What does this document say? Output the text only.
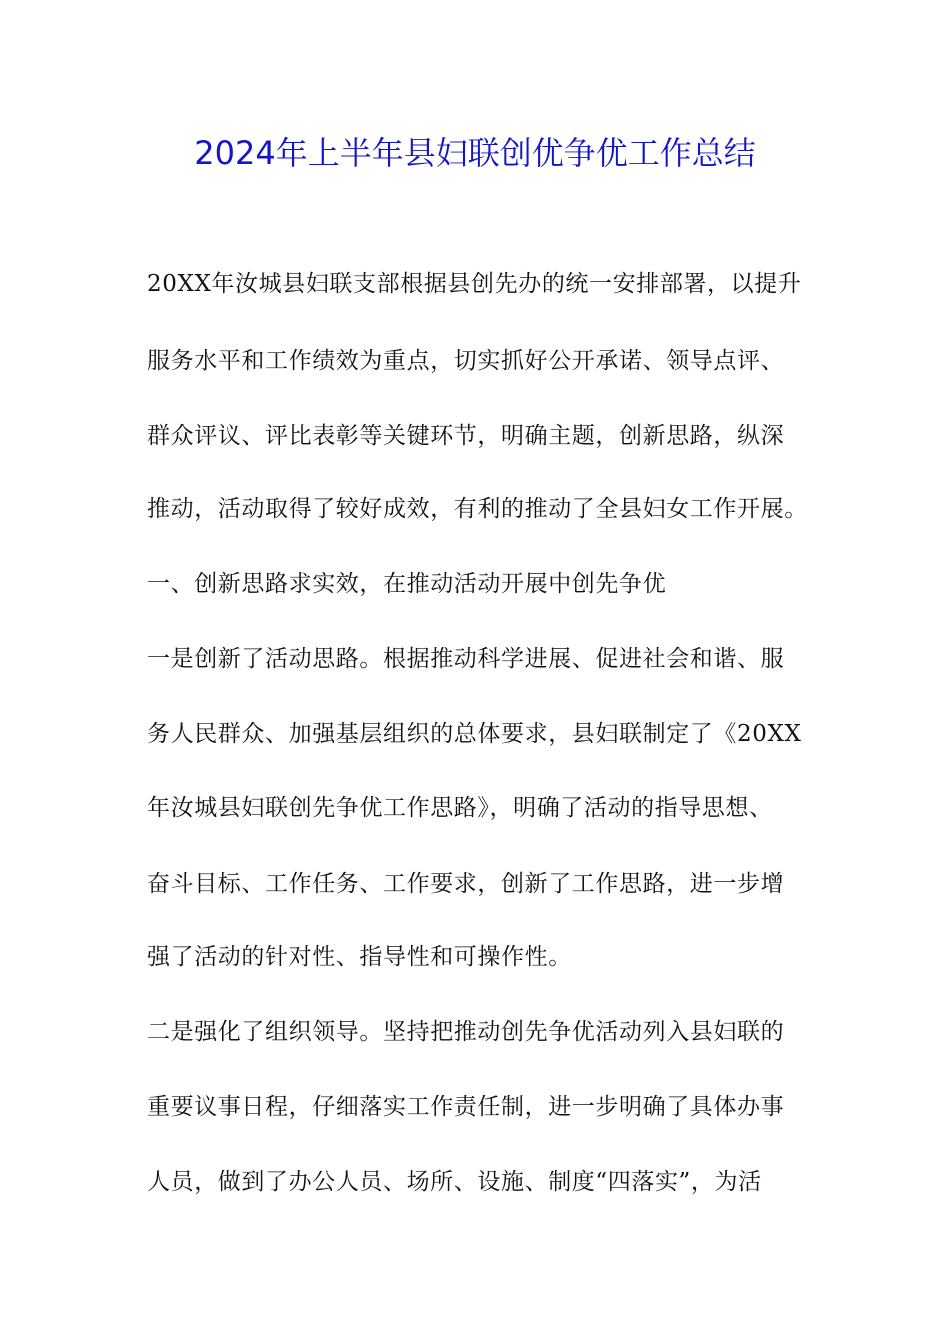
2024年上半年县妇联创优争优工作总结
20XX年汝城县妇联支部根据县创先办的统一安排部署，以提升
服务水平和工作绩效为重点，切实抓好公开承诺、领导点评、
群众评议、评比表彰等关键环节，明确主题，创新思路，纵深
推动，活动取得了较好成效，有利的推动了全县妇女工作开展。
一、创新思路求实效，在推动活动开展中创先争优
一是创新了活动思路。根据推动科学进展、促进社会和谐、服
务人民群众、加强基层组织的总体要求，县妇联制定了《20XX
年汝城县妇联创先争优工作思路》，明确了活动的指导思想、
奋斗目标、工作任务、工作要求，创新了工作思路，进一步增
强了活动的针对性、指导性和可操作性。
二是强化了组织领导。坚持把推动创先争优活动列入县妇联的
重要议事日程，仔细落实工作责任制，进一步明确了具体办事
人员，做到了办公人员、场所、设施、制度“四落实”，为活
